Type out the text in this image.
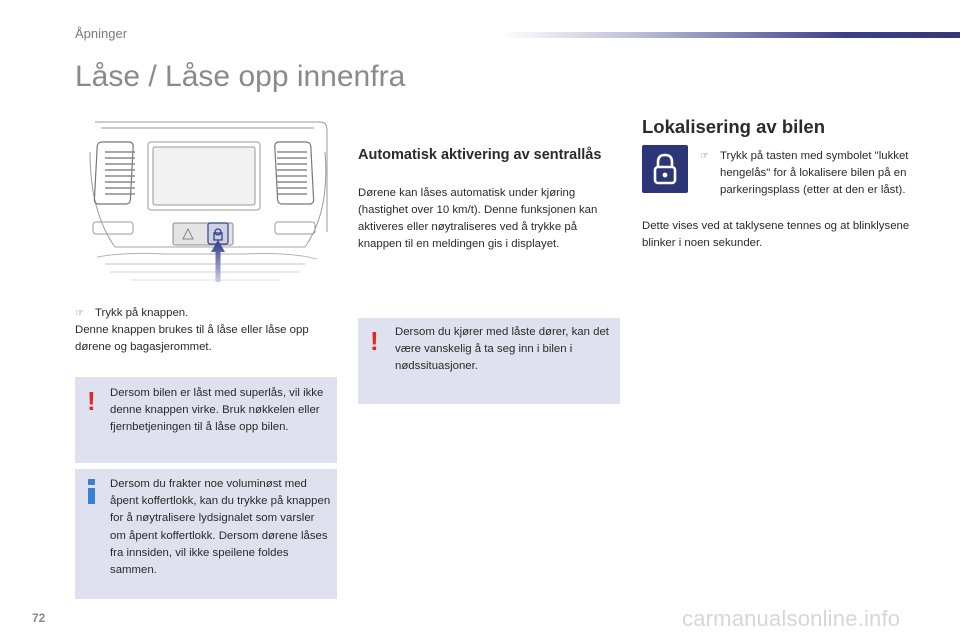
Åpninger
Låse / Låse opp innenfra
☞ Trykk på knappen.
Denne knappen brukes til å låse eller låse opp dørene og bagasjerommet.
! Dersom bilen er låst med superlås, vil ikke denne knappen virke. Bruk nøkkelen eller fjernbetjeningen til å låse opp bilen.
Dersom du frakter noe voluminøst med åpent koffertlokk, kan du trykke på knappen for å nøytralisere lydsignalet som varsler om åpent koffertlokk. Dersom dørene låses fra innsiden, vil ikke speilene foldes sammen.
Automatisk aktivering av sentrallås
Dørene kan låses automatisk under kjøring (hastighet over 10 km/t). Denne funksjonen kan aktiveres eller nøytraliseres ved å trykke på knappen til en meldingen gis i displayet.
! Dersom du kjører med låste dører, kan det være vanskelig å ta seg inn i bilen i nødssituasjoner.
Lokalisering av bilen
☞ Trykk på tasten med symbolet "lukket hengelås" for å lokalisere bilen på en parkeringsplass (etter at den er låst).
Dette vises ved at taklysene tennes og at blinklysene blinker i noen sekunder.
72	carmanualsonline.info
